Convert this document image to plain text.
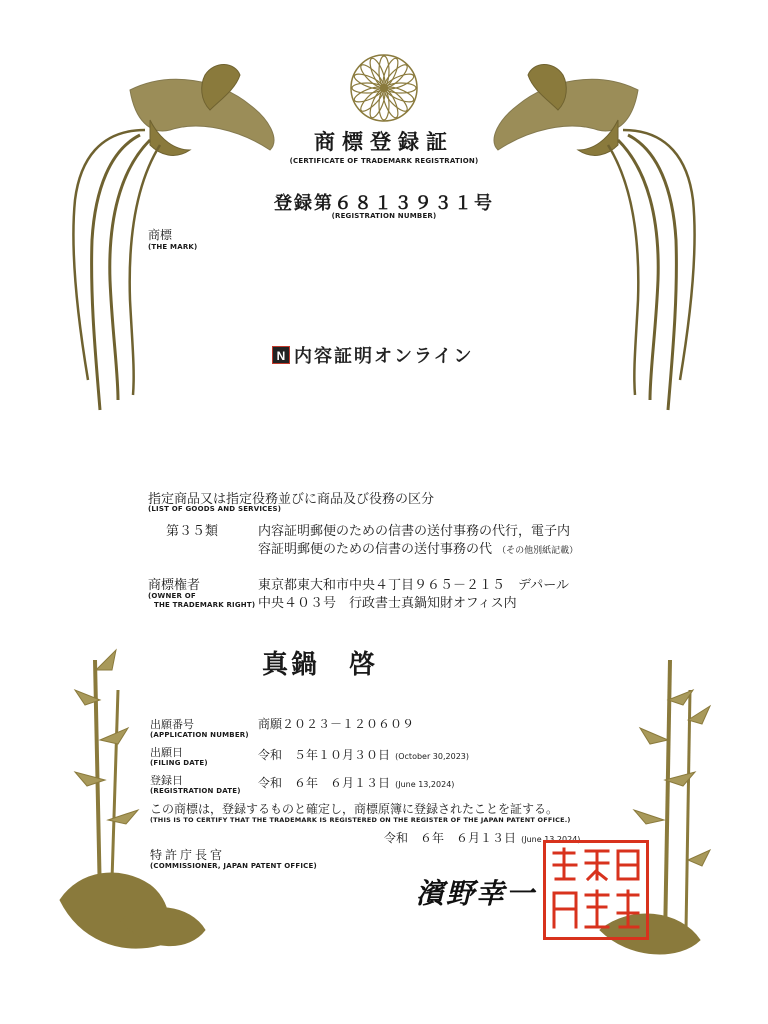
商標登録証
(CERTIFICATE OF TRADEMARK REGISTRATION)
登録第６８１３９３１号
(REGISTRATION NUMBER)
商標
(THE MARK)
N 内容証明オンライン
指定商品又は指定役務並びに商品及び役務の区分
(LIST OF GOODS AND SERVICES)
第３５類	内容証明郵便のための信書の送付事務の代行，電子内
容証明郵便のための信書の送付事務の代 （その他別紙記載）
商標権者
(OWNER OF
THE TRADEMARK RIGHT)
東京都東大和市中央４丁目９６５－２１５　デパール
中央４０３号　行政書士真鍋知財オフィス内
真鍋　啓
出願番号
(APPLICATION NUMBER)
商願２０２３－１２０６０９
出願日
(FILING DATE)
令和　５年１０月３０日 (October 30,2023)
登録日
(REGISTRATION DATE)
令和　６年　６月１３日 (June 13,2024)
この商標は，登録するものと確定し，商標原簿に登録されたことを証する。
(THIS IS TO CERTIFY THAT THE TRADEMARK IS REGISTERED ON THE REGISTER OF THE JAPAN PATENT OFFICE.)
令和　６年　６月１３日 (June 13,2024)
特許庁長官
(COMMISSIONER, JAPAN PATENT OFFICE)
濱野幸一
